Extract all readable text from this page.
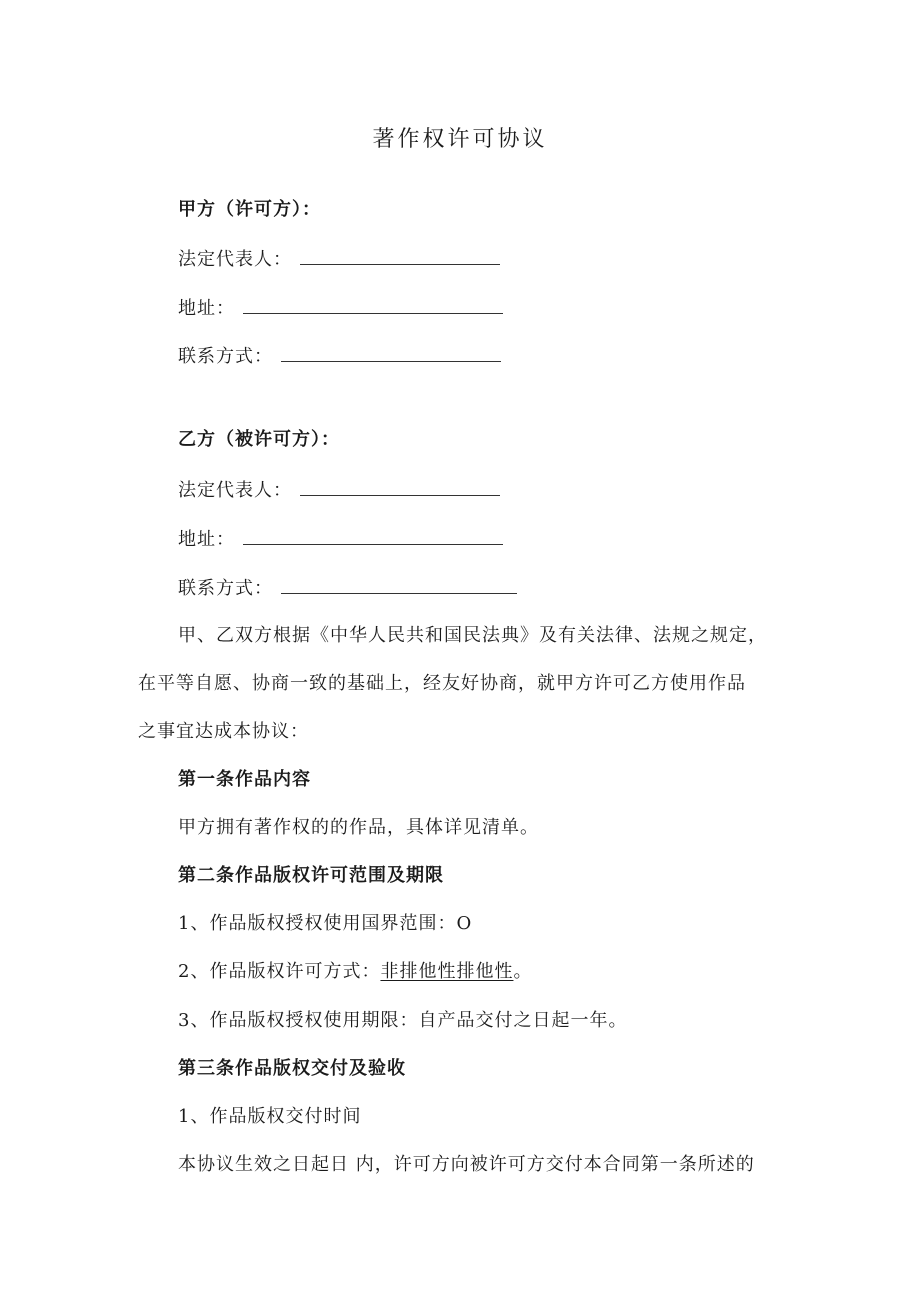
著作权许可协议
甲方（许可方）：
法定代表人：
地址：
联系方式：
乙方（被许可方）：
法定代表人：
地址：
联系方式：
甲、乙双方根据《中华人民共和国民法典》及有关法律、法规之规定，
在平等自愿、协商一致的基础上，经友好协商，就甲方许可乙方使用作品
之事宜达成本协议：
第一条作品内容
甲方拥有著作权的的作品，具体详见清单。
第二条作品版权许可范围及期限
1、作品版权授权使用国界范围：O
2、作品版权许可方式：非排他性排他性。
3、作品版权授权使用期限：自产品交付之日起一年。
第三条作品版权交付及验收
1、作品版权交付时间
本协议生效之日起日 内，许可方向被许可方交付本合同第一条所述的
